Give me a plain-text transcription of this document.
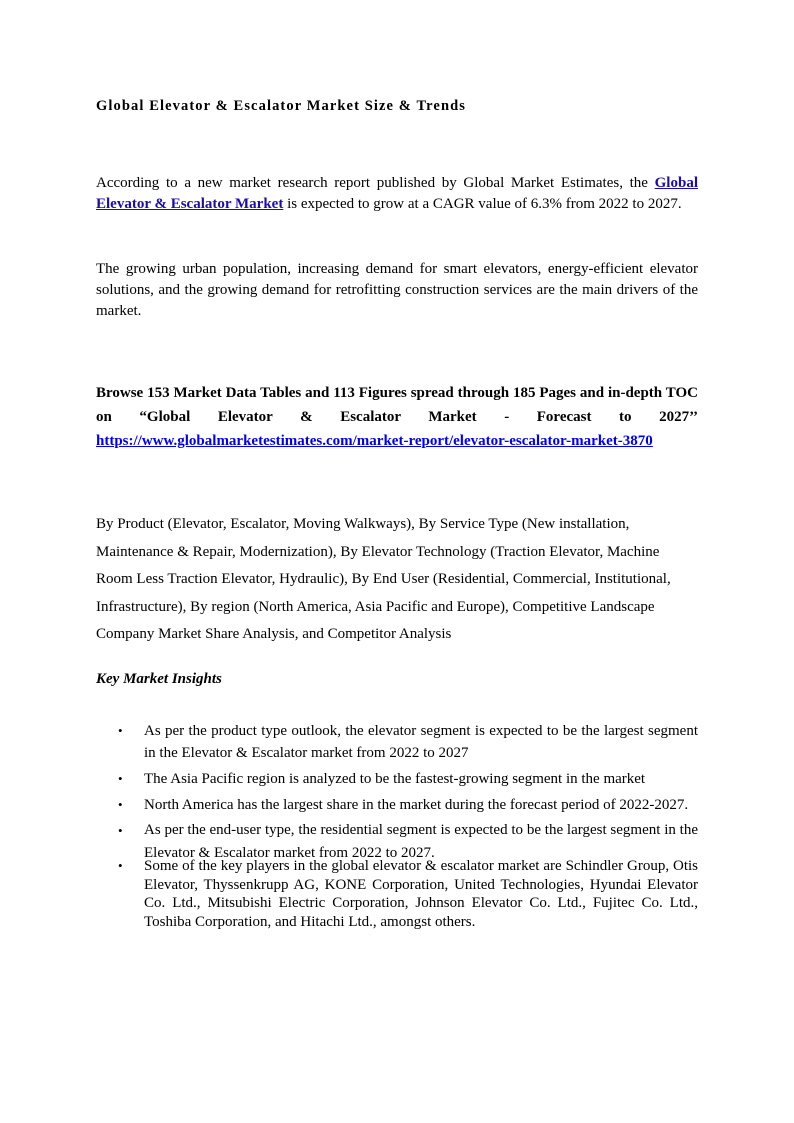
Global Elevator & Escalator Market Size & Trends

According to a new market research report published by Global Market Estimates, the Global Elevator & Escalator Market is expected to grow at a CAGR value of 6.3% from 2022 to 2027.

The growing urban population, increasing demand for smart elevators, energy-efficient elevator solutions, and the growing demand for retrofitting construction services are the main drivers of the market.

Browse 153 Market Data Tables and 113 Figures spread through 185 Pages and in-depth TOC on “Global Elevator & Escalator Market - Forecast to 2027’’ https://www.globalmarketestimates.com/market-report/elevator-escalator-market-3870

By Product (Elevator, Escalator, Moving Walkways), By Service Type (New installation, Maintenance & Repair, Modernization), By Elevator Technology (Traction Elevator, Machine Room Less Traction Elevator, Hydraulic), By End User (Residential, Commercial, Institutional, Infrastructure), By region (North America, Asia Pacific and Europe), Competitive Landscape Company Market Share Analysis, and Competitor Analysis

Key Market Insights
• As per the product type outlook, the elevator segment is expected to be the largest segment in the Elevator & Escalator market from 2022 to 2027
• The Asia Pacific region is analyzed to be the fastest-growing segment in the market
• North America has the largest share in the market during the forecast period of 2022-2027.
• As per the end-user type, the residential segment is expected to be the largest segment in the Elevator & Escalator market from 2022 to 2027.
• Some of the key players in the global elevator & escalator market are Schindler Group, Otis Elevator, Thyssenkrupp AG, KONE Corporation, United Technologies, Hyundai Elevator Co. Ltd., Mitsubishi Electric Corporation, Johnson Elevator Co. Ltd., Fujitec Co. Ltd., Toshiba Corporation, and Hitachi Ltd., amongst others.
